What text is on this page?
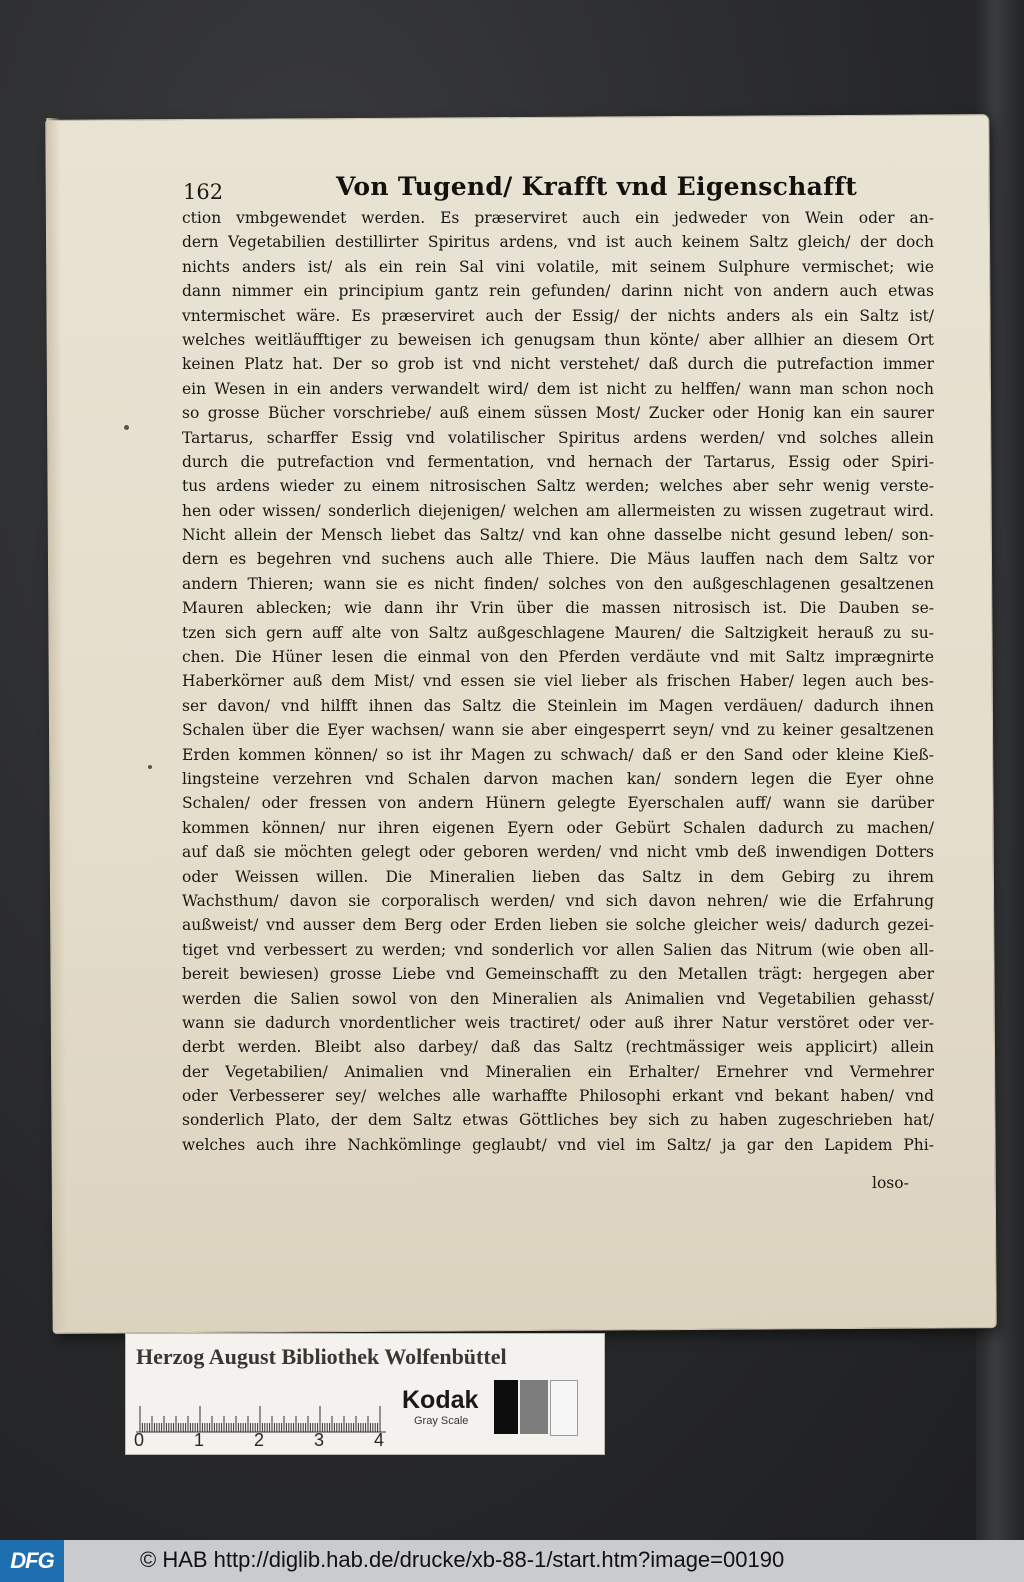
162	Von Tugend/ Krafft vnd Eigenschafft
ction vmbgewendet werden. Es præserviret auch ein jedweder von Wein oder an-
dern Vegetabilien destillirter Spiritus ardens, vnd ist auch keinem Saltz gleich/ der doch
nichts anders ist/ als ein rein Sal vini volatile, mit seinem Sulphure vermischet; wie
dann nimmer ein principium gantz rein gefunden/ darinn nicht von andern auch etwas
vntermischet wäre. Es præserviret auch der Essig/ der nichts anders als ein Saltz ist/
welches weitläufftiger zu beweisen ich genugsam thun könte/ aber allhier an diesem Ort
keinen Platz hat. Der so grob ist vnd nicht verstehet/ daß durch die putrefaction immer
ein Wesen in ein anders verwandelt wird/ dem ist nicht zu helffen/ wann man schon noch
so grosse Bücher vorschriebe/ auß einem süssen Most/ Zucker oder Honig kan ein saurer
Tartarus, scharffer Essig vnd volatilischer Spiritus ardens werden/ vnd solches allein
durch die putrefaction vnd fermentation, vnd hernach der Tartarus, Essig oder Spiri-
tus ardens wieder zu einem nitrosischen Saltz werden; welches aber sehr wenig verste-
hen oder wissen/ sonderlich diejenigen/ welchen am allermeisten zu wissen zugetraut wird.
Nicht allein der Mensch liebet das Saltz/ vnd kan ohne dasselbe nicht gesund leben/ son-
dern es begehren vnd suchens auch alle Thiere. Die Mäus lauffen nach dem Saltz vor
andern Thieren; wann sie es nicht finden/ solches von den außgeschlagenen gesaltzenen
Mauren ablecken; wie dann ihr Vrin über die massen nitrosisch ist. Die Dauben se-
tzen sich gern auff alte von Saltz außgeschlagene Mauren/ die Saltzigkeit herauß zu su-
chen. Die Hüner lesen die einmal von den Pferden verdäute vnd mit Saltz imprægnirte
Haberkörner auß dem Mist/ vnd essen sie viel lieber als frischen Haber/ legen auch bes-
ser davon/ vnd hilfft ihnen das Saltz die Steinlein im Magen verdäuen/ dadurch ihnen
Schalen über die Eyer wachsen/ wann sie aber eingesperrt seyn/ vnd zu keiner gesaltzenen
Erden kommen können/ so ist ihr Magen zu schwach/ daß er den Sand oder kleine Kieß-
lingsteine verzehren vnd Schalen darvon machen kan/ sondern legen die Eyer ohne
Schalen/ oder fressen von andern Hünern gelegte Eyerschalen auff/ wann sie darüber
kommen können/ nur ihren eigenen Eyern oder Gebürt Schalen dadurch zu machen/
auf daß sie möchten gelegt oder geboren werden/ vnd nicht vmb deß inwendigen Dotters
oder Weissen willen. Die Mineralien lieben das Saltz in dem Gebirg zu ihrem
Wachsthum/ davon sie corporalisch werden/ vnd sich davon nehren/ wie die Erfahrung
außweist/ vnd ausser dem Berg oder Erden lieben sie solche gleicher weis/ dadurch gezei-
tiget vnd verbessert zu werden; vnd sonderlich vor allen Salien das Nitrum (wie oben all-
bereit bewiesen) grosse Liebe vnd Gemeinschafft zu den Metallen trägt: hergegen aber
werden die Salien sowol von den Mineralien als Animalien vnd Vegetabilien gehasst/
wann sie dadurch vnordentlicher weis tractiret/ oder auß ihrer Natur verstöret oder ver-
derbt werden. Bleibt also darbey/ daß das Saltz (rechtmässiger weis applicirt) allein
der Vegetabilien/ Animalien vnd Mineralien ein Erhalter/ Ernehrer vnd Vermehrer
oder Verbesserer sey/ welches alle warhaffte Philosophi erkant vnd bekant haben/ vnd
sonderlich Plato, der dem Saltz etwas Göttliches bey sich zu haben zugeschrieben hat/
welches auch ihre Nachkömlinge geglaubt/ vnd viel im Saltz/ ja gar den Lapidem Phi-
loso-
Herzog August Bibliothek Wolfenbüttel
0	1	2	3	4
Kodak
Gray Scale
DFG	© HAB http://diglib.hab.de/drucke/xb-88-1/start.htm?image=00190
